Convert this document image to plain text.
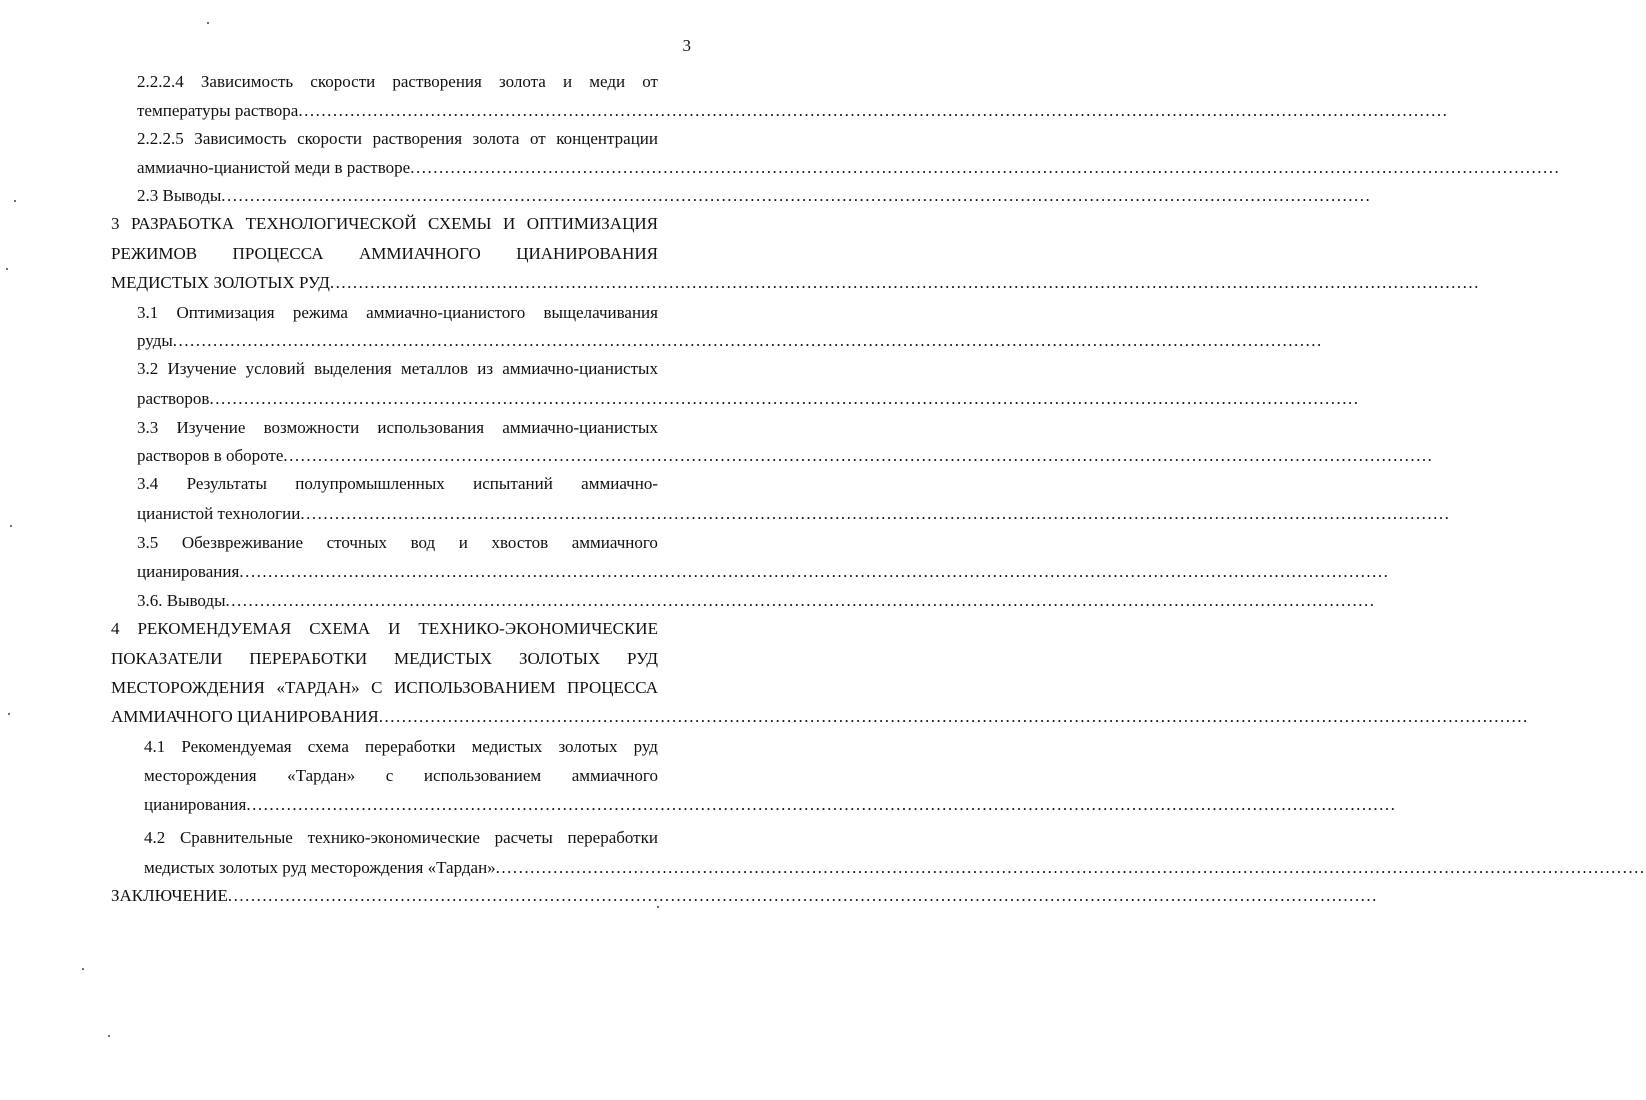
3
2.2.2.4 Зависимость скорости растворения золота и меди от
температуры раствора ........................................................................................................................................................................................................
2.2.2.5 Зависимость скорости растворения золота от концентрации
аммиачно-цианистой меди в растворе ........................................................................................................................................................................................................
2.3 Выводы ........................................................................................................................................................................................................
3 РАЗРАБОТКА ТЕХНОЛОГИЧЕСКОЙ СХЕМЫ И ОПТИМИЗАЦИЯ
РЕЖИМОВ ПРОЦЕССА АММИАЧНОГО ЦИАНИРОВАНИЯ
МЕДИСТЫХ ЗОЛОТЫХ РУД ........................................................................................................................................................................................................
3.1 Оптимизация режима аммиачно-цианистого выщелачивания
руды ........................................................................................................................................................................................................
3.2 Изучение условий выделения металлов из аммиачно-цианистых
растворов ........................................................................................................................................................................................................
3.3 Изучение возможности использования аммиачно-цианистых
растворов в обороте ........................................................................................................................................................................................................
3.4 Результаты полупромышленных испытаний аммиачно-
цианистой технологии ........................................................................................................................................................................................................
3.5 Обезвреживание сточных вод и хвостов аммиачного
цианирования ........................................................................................................................................................................................................
3.6. Выводы ........................................................................................................................................................................................................
4 РЕКОМЕНДУЕМАЯ СХЕМА И ТЕХНИКО-ЭКОНОМИЧЕСКИЕ
ПОКАЗАТЕЛИ ПЕРЕРАБОТКИ МЕДИСТЫХ ЗОЛОТЫХ РУД
МЕСТОРОЖДЕНИЯ «ТАРДАН» С ИСПОЛЬЗОВАНИЕМ ПРОЦЕССА
АММИАЧНОГО ЦИАНИРОВАНИЯ ........................................................................................................................................................................................................
4.1 Рекомендуемая схема переработки медистых золотых руд
месторождения «Тардан» с использованием аммиачного
цианирования ........................................................................................................................................................................................................
4.2 Сравнительные технико-экономические расчеты переработки
медистых золотых руд месторождения «Тардан» ........................................................................................................................................................................................................
ЗАКЛЮЧЕНИЕ ........................................................................................................................................................................................................
